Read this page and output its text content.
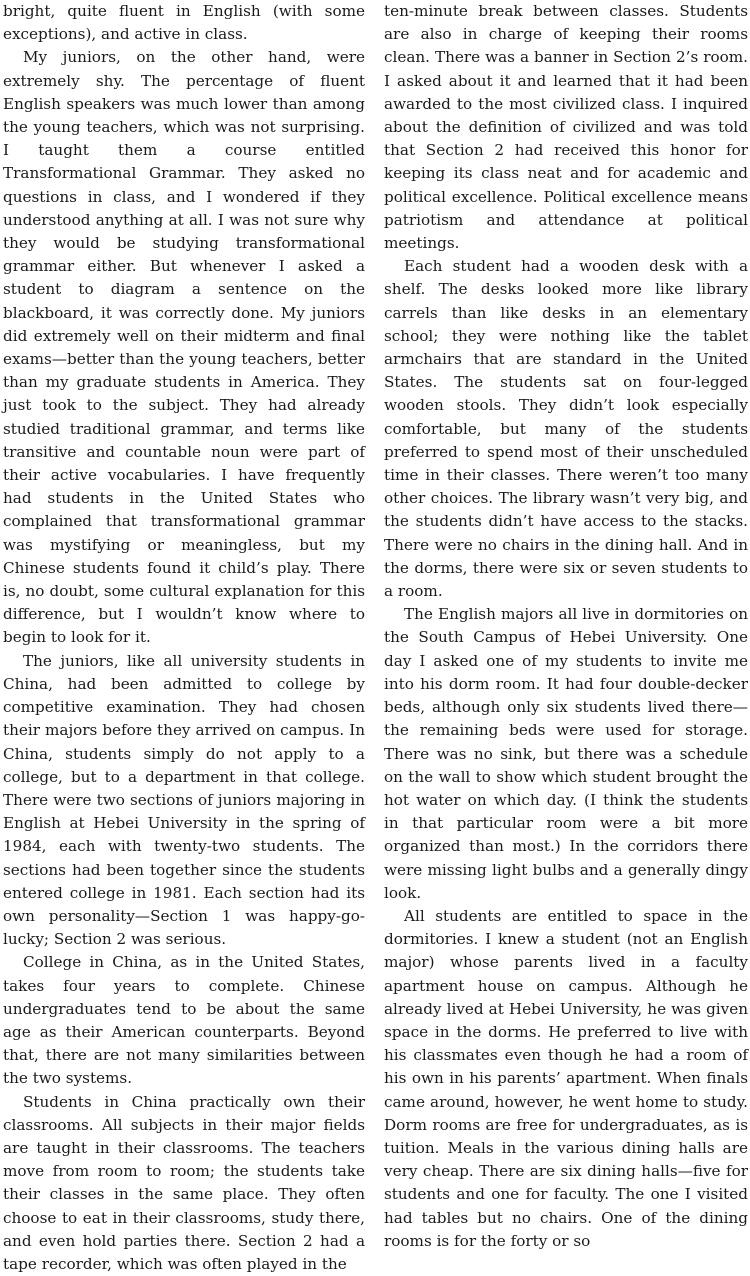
bright, quite fluent in English (with some exceptions), and active in class.

My juniors, on the other hand, were extremely shy. The percentage of fluent English speakers was much lower than among the young teachers, which was not surprising. I taught them a course entitled Transformational Grammar. They asked no questions in class, and I wondered if they understood anything at all. I was not sure why they would be studying transformational grammar either. But whenever I asked a student to diagram a sentence on the blackboard, it was correctly done. My juniors did extremely well on their midterm and final exams—better than the young teachers, better than my graduate students in America. They just took to the subject. They had already studied traditional grammar, and terms like transitive and countable noun were part of their active vocabularies. I have frequently had students in the United States who complained that transformational grammar was mystifying or meaningless, but my Chinese students found it child’s play. There is, no doubt, some cultural explanation for this difference, but I wouldn’t know where to begin to look for it.

The juniors, like all university students in China, had been admitted to college by competitive examination. They had chosen their majors before they arrived on campus. In China, students simply do not apply to a college, but to a department in that college. There were two sections of juniors majoring in English at Hebei University in the spring of 1984, each with twenty-two students. The sections had been together since the students entered college in 1981. Each section had its own personality—Section 1 was happy-go-lucky; Section 2 was serious.

College in China, as in the United States, takes four years to complete. Chinese undergraduates tend to be about the same age as their American counterparts. Beyond that, there are not many similarities between the two systems.

Students in China practically own their classrooms. All subjects in their major fields are taught in their classrooms. The teachers move from room to room; the students take their classes in the same place. They often choose to eat in their classrooms, study there, and even hold parties there. Section 2 had a tape recorder, which was often played in the

ten-minute break between classes. Students are also in charge of keeping their rooms clean. There was a banner in Section 2’s room. I asked about it and learned that it had been awarded to the most civilized class. I inquired about the definition of civilized and was told that Section 2 had received this honor for keeping its class neat and for academic and political excellence. Political excellence means patriotism and attendance at political meetings.

Each student had a wooden desk with a shelf. The desks looked more like library carrels than like desks in an elementary school; they were nothing like the tablet armchairs that are standard in the United States. The students sat on four-legged wooden stools. They didn’t look especially comfortable, but many of the students preferred to spend most of their unscheduled time in their classes. There weren’t too many other choices. The library wasn’t very big, and the students didn’t have access to the stacks. There were no chairs in the dining hall. And in the dorms, there were six or seven students to a room.

The English majors all live in dormitories on the South Campus of Hebei University. One day I asked one of my students to invite me into his dorm room. It had four double-decker beds, although only six students lived there—the remaining beds were used for storage. There was no sink, but there was a schedule on the wall to show which student brought the hot water on which day. (I think the students in that particular room were a bit more organized than most.) In the corridors there were missing light bulbs and a generally dingy look.

All students are entitled to space in the dormitories. I knew a student (not an English major) whose parents lived in a faculty apartment house on campus. Although he already lived at Hebei University, he was given space in the dorms. He preferred to live with his classmates even though he had a room of his own in his parents’ apartment. When finals came around, however, he went home to study. Dorm rooms are free for undergraduates, as is tuition. Meals in the various dining halls are very cheap. There are six dining halls—five for students and one for faculty. The one I visited had tables but no chairs. One of the dining rooms is for the forty or so
